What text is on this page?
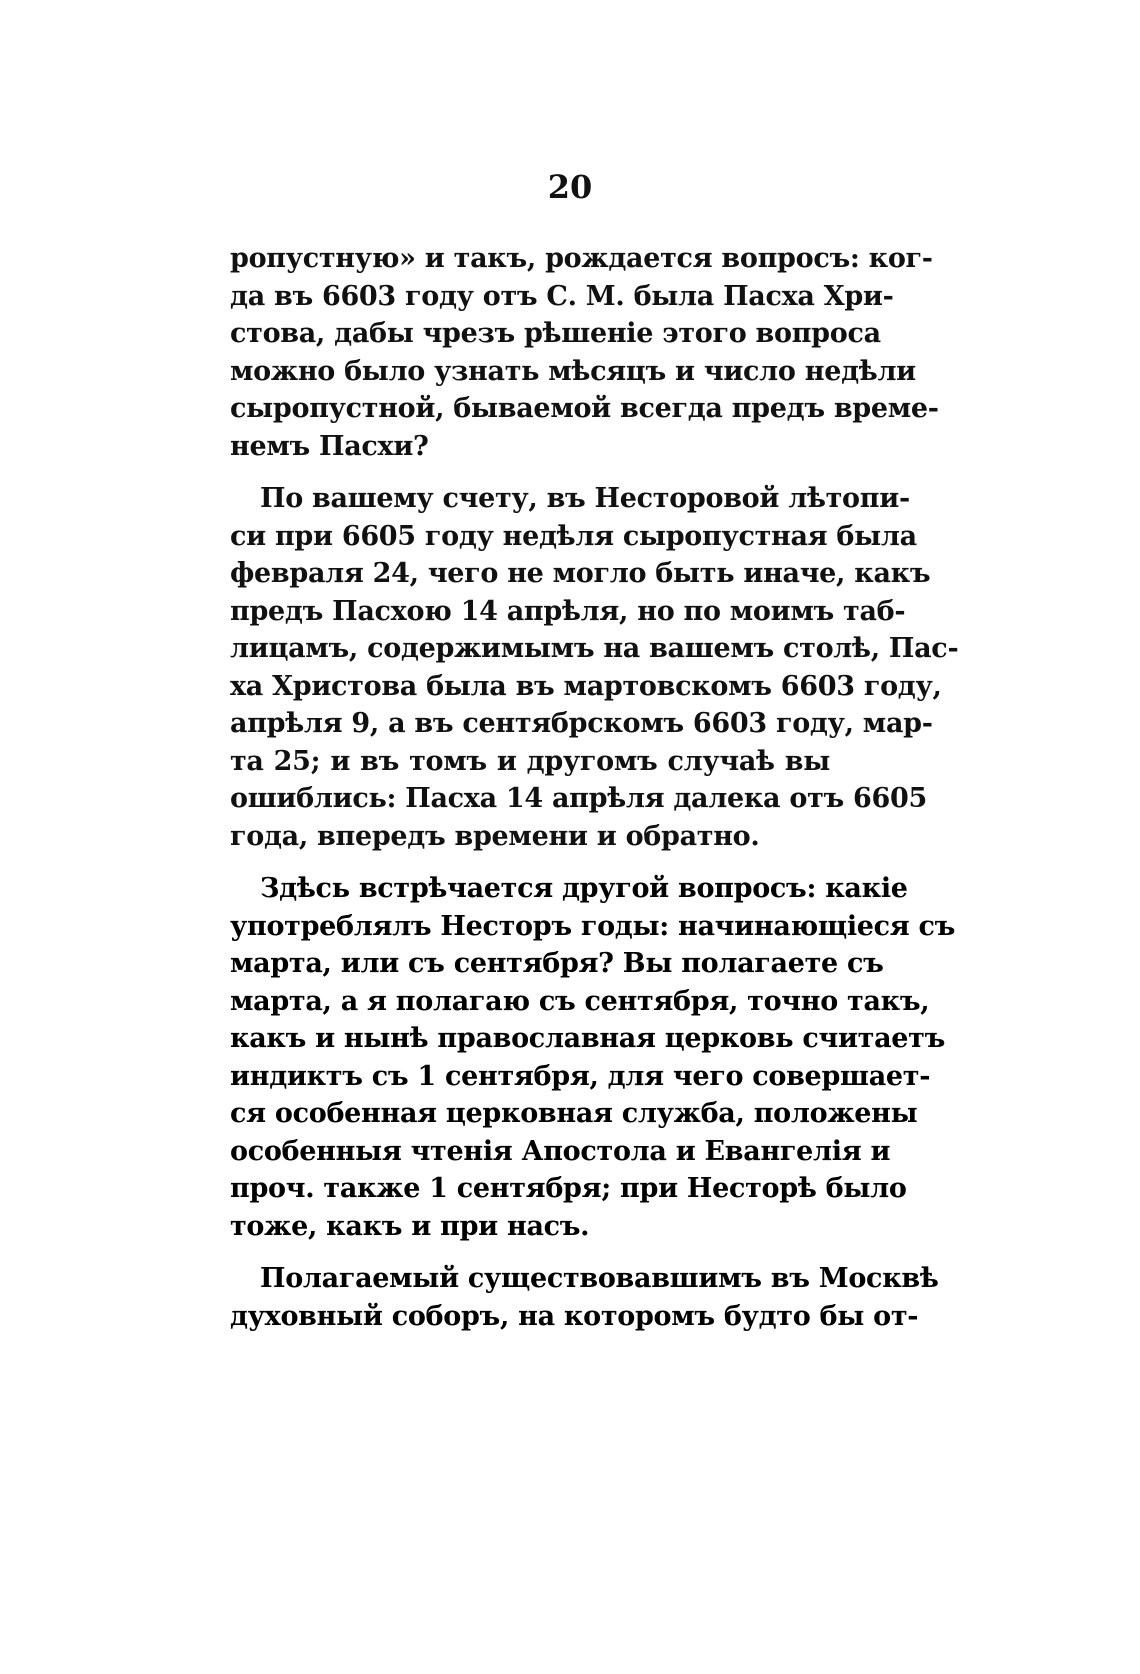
20
ропустную» и такъ, рождается вопросъ: ког-
да въ 6603 году отъ С. М. была Пасха Хри-
стова, дабы чрезъ рѣшеніе этого вопроса
можно было узнать мѣсяцъ и число недѣли
сыропустной, бываемой всегда предъ време-
немъ Пасхи?
По вашему счету, въ Несторовой лѣтопи-
си при 6605 году недѣля сыропустная была
февраля 24, чего не могло быть иначе, какъ
предъ Пасхою 14 апрѣля, но по моимъ таб-
лицамъ, содержимымъ на вашемъ столѣ, Пас-
ха Христова была въ мартовскомъ 6603 году,
апрѣля 9, а въ сентябрскомъ 6603 году, мар-
та 25; и въ томъ и другомъ случаѣ вы
ошиблись: Пасха 14 апрѣля далека отъ 6605
года, впередъ времени и обратно.
Здѣсь встрѣчается другой вопросъ: какіе
употреблялъ Несторъ годы: начинающіеся съ
марта, или съ сентября? Вы полагаете съ
марта, а я полагаю съ сентября, точно такъ,
какъ и нынѣ православная церковь считаетъ
индиктъ съ 1 сентября, для чего совершает-
ся особенная церковная служба, положены
особенныя чтенія Апостола и Евангелія и
проч. также 1 сентября; при Несторѣ было
тоже, какъ и при насъ.
Полагаемый существовавшимъ въ Москвѣ
духовный соборъ, на которомъ будто бы от-
